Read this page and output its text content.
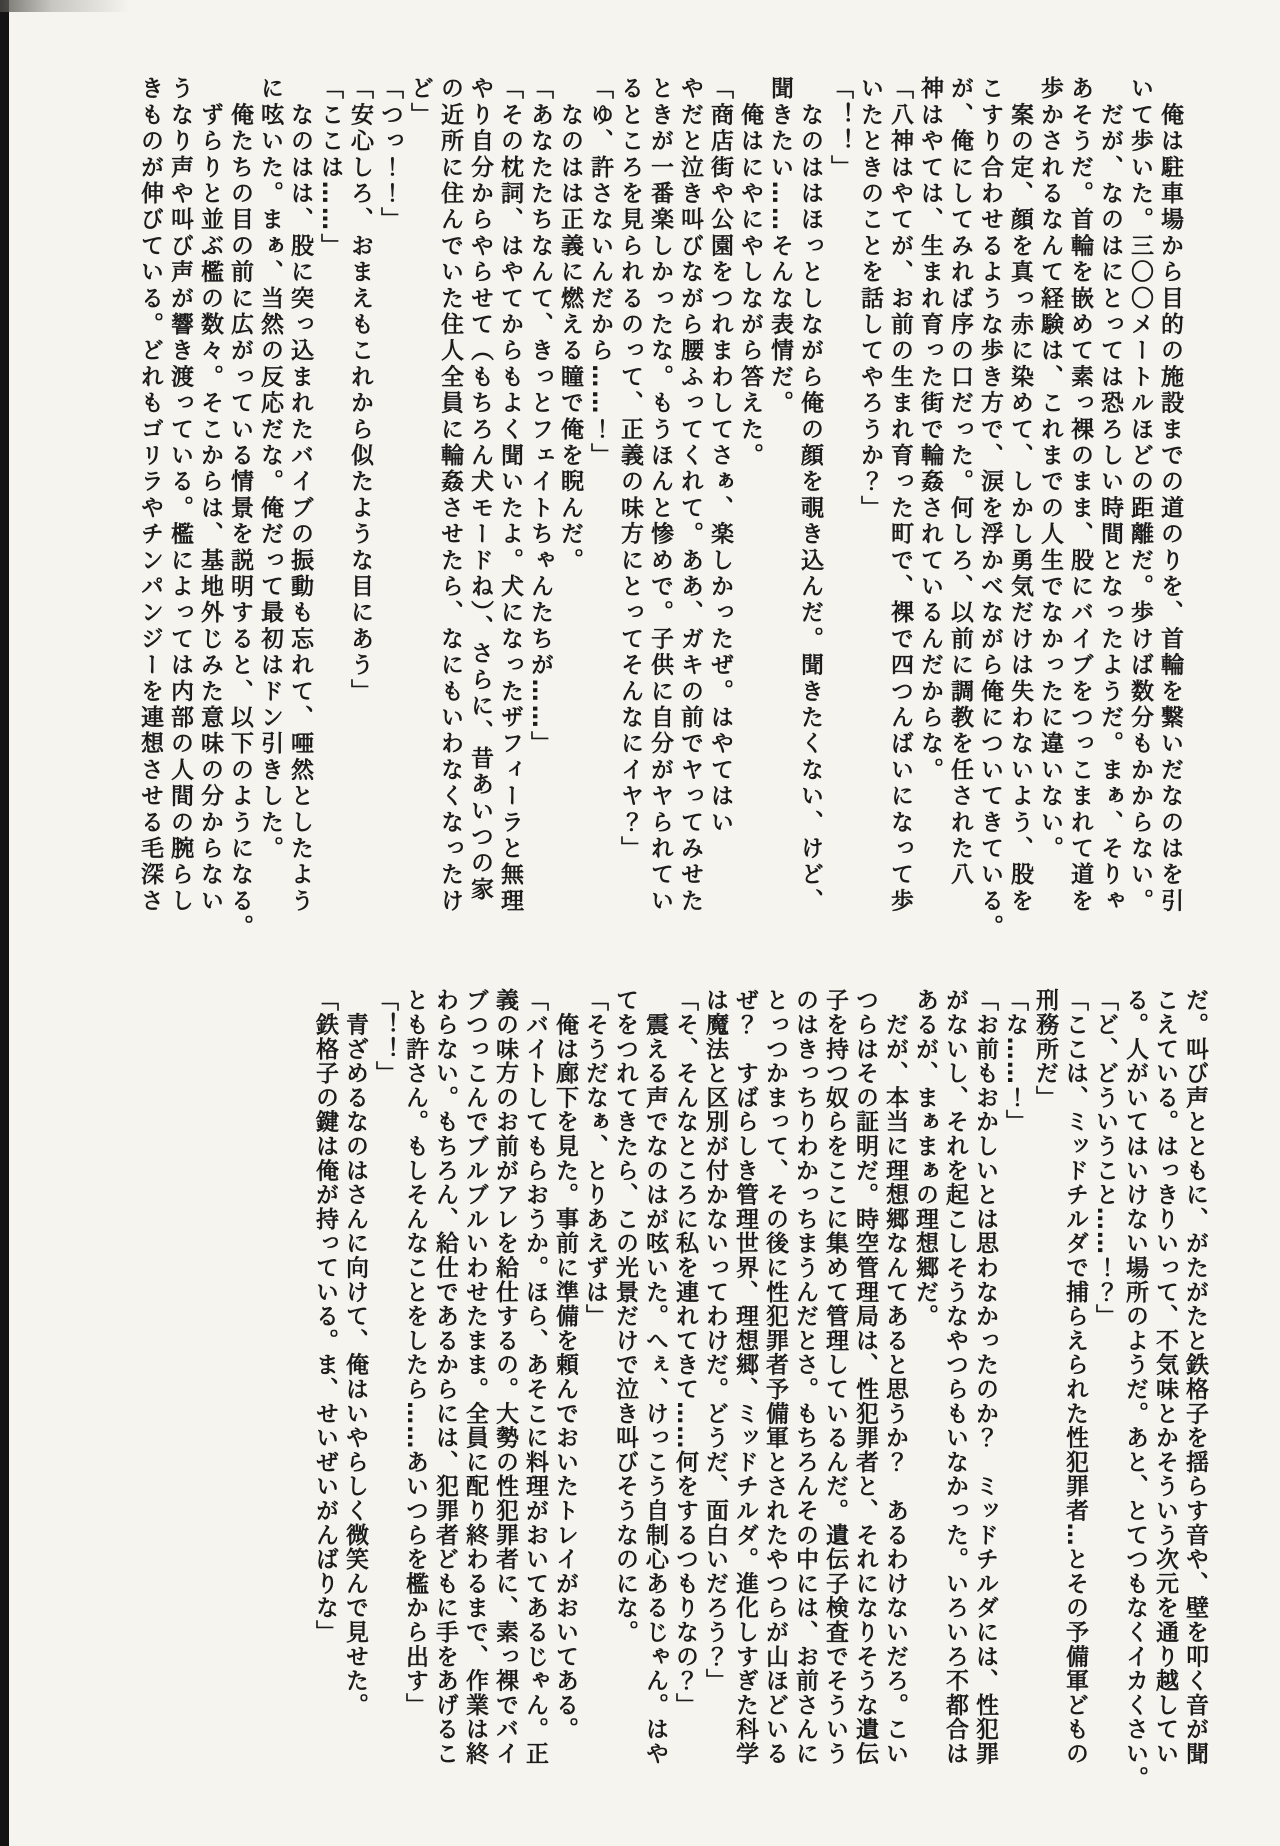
　俺は駐車場から目的の施設までの道のりを、首輪を繋いだなのはを引
いて歩いた。三〇〇メートルほどの距離だ。歩けば数分もかからない。
　だが、なのはにとっては恐ろしい時間となったようだ。まぁ、そりゃ
あそうだ。首輪を嵌めて素っ裸のまま、股にバイブをつっこまれて道を
歩かされるなんて経験は、これまでの人生でなかったに違いない。
　案の定、顔を真っ赤に染めて、しかし勇気だけは失わないよう、股を
こすり合わせるような歩き方で、涙を浮かべながら俺についてきている。
が、俺にしてみれば序の口だった。何しろ、以前に調教を任された八
神はやては、生まれ育った街で輪姦されているんだからな。
「八神はやてが、お前の生まれ育った町で、裸で四つんばいになって歩
いたときのことを話してやろうか？」
「！！」
　なのははほっとしながら俺の顔を覗き込んだ。聞きたくない、けど、
聞きたい……そんな表情だ。
　俺はにやにやしながら答えた。
「商店街や公園をつれまわしてさぁ、楽しかったぜ。はやてはい
やだと泣き叫びながら腰ふってくれて。ああ、ガキの前でヤってみせた
ときが一番楽しかったな。もうほんと惨めで。子供に自分がヤられてい
るところを見られるのって、正義の味方にとってそんなにイヤ？」
「ゆ、許さないんだから……！」
　なのはは正義に燃える瞳で俺を睨んだ。
「あなたたちなんて、きっとフェイトちゃんたちが……」
「その枕詞、はやてからもよく聞いたよ。犬になったザフィーラと無理
やり自分からやらせて（もちろん犬モードね）、さらに、昔あいつの家
の近所に住んでいた住人全員に輪姦させたら、なにもいわなくなったけ
ど」
「つっ！！」
「安心しろ、おまえもこれから似たような目にあう」
「ここは……」
　なのはは、股に突っ込まれたバイブの振動も忘れて、唖然としたよう
に呟いた。まぁ、当然の反応だな。俺だって最初はドン引きした。
　俺たちの目の前に広がっている情景を説明すると、以下のようになる。
　ずらりと並ぶ檻の数々。そこからは、基地外じみた意味の分からない
うなり声や叫び声が響き渡っている。檻によっては内部の人間の腕らし
きものが伸びている。どれもゴリラやチンパンジーを連想させる毛深さ
だ。叫び声とともに、がたがたと鉄格子を揺らす音や、壁を叩く音が聞
こえている。はっきりいって、不気味とかそういう次元を通り越してい
る。人がいてはいけない場所のようだ。あと、とてつもなくイカくさい。
「ど、どういうこと……！？」
「ここは、ミッドチルダで捕らえられた性犯罪者…とその予備軍どもの
刑務所だ」
「な……！」
「お前もおかしいとは思わなかったのか？　ミッドチルダには、性犯罪
がないし、それを起こしそうなやつらもいなかった。いろいろ不都合は
あるが、まぁまぁの理想郷だ。
　だが、本当に理想郷なんてあると思うか？　あるわけないだろ。こい
つらはその証明だ。時空管理局は、性犯罪者と、それになりそうな遺伝
子を持つ奴らをここに集めて管理しているんだ。遺伝子検査でそういう
のはきっちりわかっちまうんだとさ。もちろんその中には、お前さんに
とっつかまって、その後に性犯罪者予備軍とされたやつらが山ほどいる
ぜ？　すばらしき管理世界、理想郷、ミッドチルダ。進化しすぎた科学
は魔法と区別が付かないってわけだ。どうだ、面白いだろう？」
「そ、そんなところに私を連れてきて……何をするつもりなの？」
　震える声でなのはが呟いた。へぇ、けっこう自制心あるじゃん。はや
てをつれてきたら、この光景だけで泣き叫びそうなのにな。
「そうだなぁ、とりあえずは」
　俺は廊下を見た。事前に準備を頼んでおいたトレイがおいてある。
「バイトしてもらおうか。ほら、あそこに料理がおいてあるじゃん。正
義の味方のお前がアレを給仕するの。大勢の性犯罪者に、素っ裸でバイ
ブつっこんでブルブルいわせたまま。全員に配り終わるまで、作業は終
わらない。もちろん、給仕であるからには、犯罪者どもに手をあげるこ
とも許さん。もしそんなことをしたら……あいつらを檻から出す」
「！！」
　青ざめるなのはさんに向けて、俺はいやらしく微笑んで見せた。
「鉄格子の鍵は俺が持っている。ま、せいぜいがんばりな」
